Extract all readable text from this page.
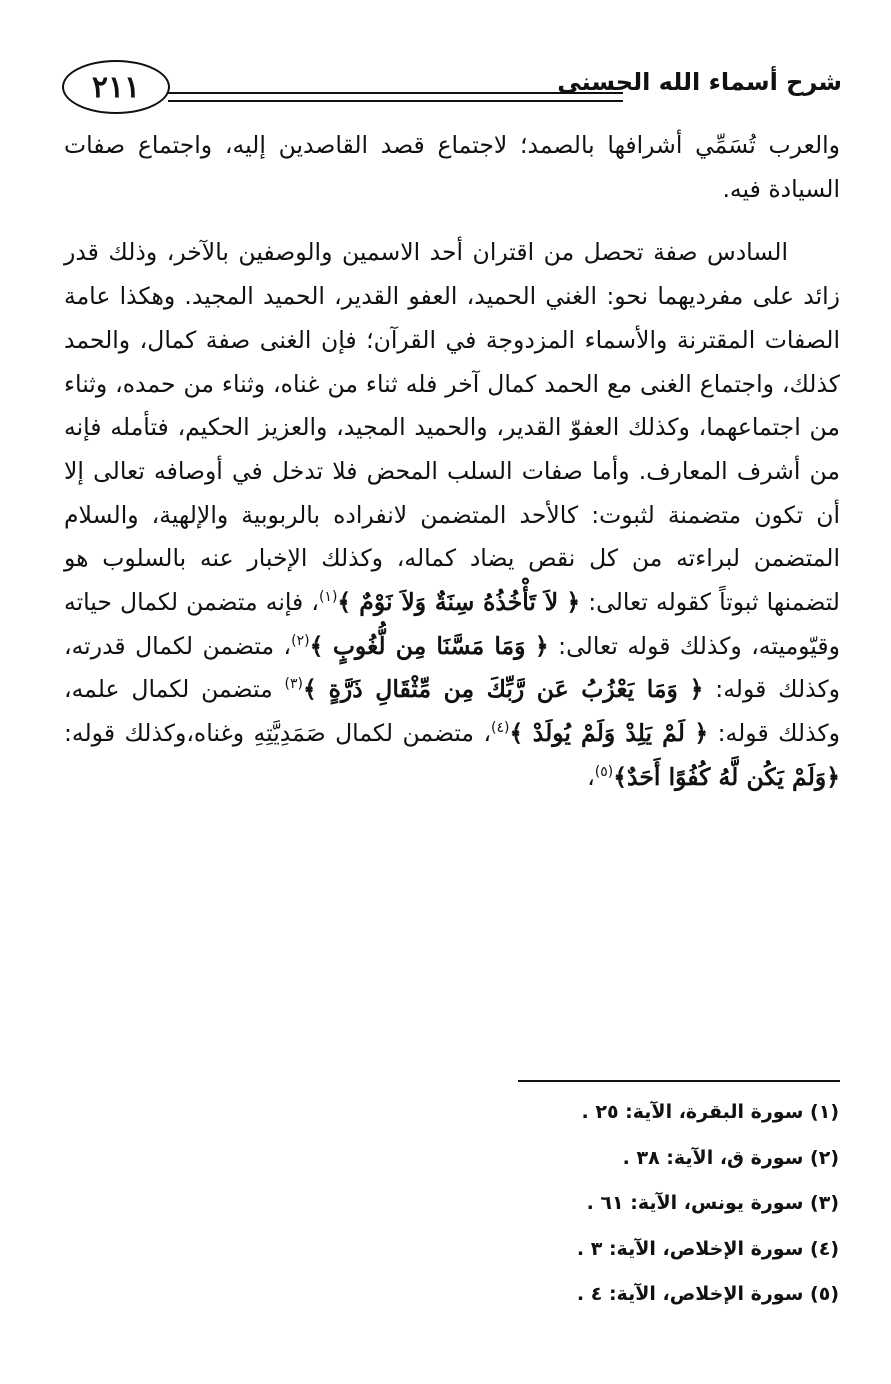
٢١١	شرح أسماء الله الحسنى

والعرب تُسَمِّي أشرافها بالصمد؛ لاجتماع قصد القاصدين إليه، واجتماع صفات السيادة فيه.

السادس صفة تحصل من اقتران أحد الاسمين والوصفين بالآخر، وذلك قدر زائد على مفرديهما نحو: الغني الحميد، العفو القدير، الحميد المجيد. وهكذا عامة الصفات المقترنة والأسماء المزدوجة في القرآن؛ فإن الغنى صفة كمال، والحمد كذلك، واجتماع الغنى مع الحمد كمال آخر فله ثناء من غناه، وثناء من حمده، وثناء من اجتماعهما، وكذلك العفوّ القدير، والحميد المجيد، والعزيز الحكيم، فتأمله فإنه من أشرف المعارف. وأما صفات السلب المحض فلا تدخل في أوصافه تعالى إلا أن تكون متضمنة لثبوت: كالأحد المتضمن لانفراده بالربوبية والإلهية، والسلام المتضمن لبراءته من كل نقص يضاد كماله، وكذلك الإخبار عنه بالسلوب هو لتضمنها ثبوتاً كقوله تعالى: ﴿ لاَ تَأْخُذُهُ سِنَةٌ وَلاَ نَوْمٌ ﴾$^{(١)}$، فإنه متضمن لكمال حياته وقيّوميته، وكذلك قوله تعالى: ﴿ وَمَا مَسَّنَا مِن لُّغُوبٍ ﴾$^{(٢)}$، متضمن لكمال قدرته، وكذلك قوله: ﴿ وَمَا يَعْزُبُ عَن رَّبِّكَ مِن مِّثْقَالِ ذَرَّةٍ ﴾$^{(٣)}$ متضمن لكمال علمه، وكذلك قوله: ﴿ لَمْ يَلِدْ وَلَمْ يُولَدْ ﴾$^{(٤)}$، متضمن لكمال صَمَدِيَّتِهِ وغناه،وكذلك قوله:﴿وَلَمْ يَكُن لَّهُ كُفُوًا أَحَدٌ﴾$^{(٥)}$،

(١) سورة البقرة، الآية: ٢٥ .
(٢) سورة ق، الآية: ٣٨ .
(٣) سورة يونس، الآية: ٦١ .
(٤) سورة الإخلاص، الآية: ٣ .
(٥) سورة الإخلاص، الآية: ٤ .
